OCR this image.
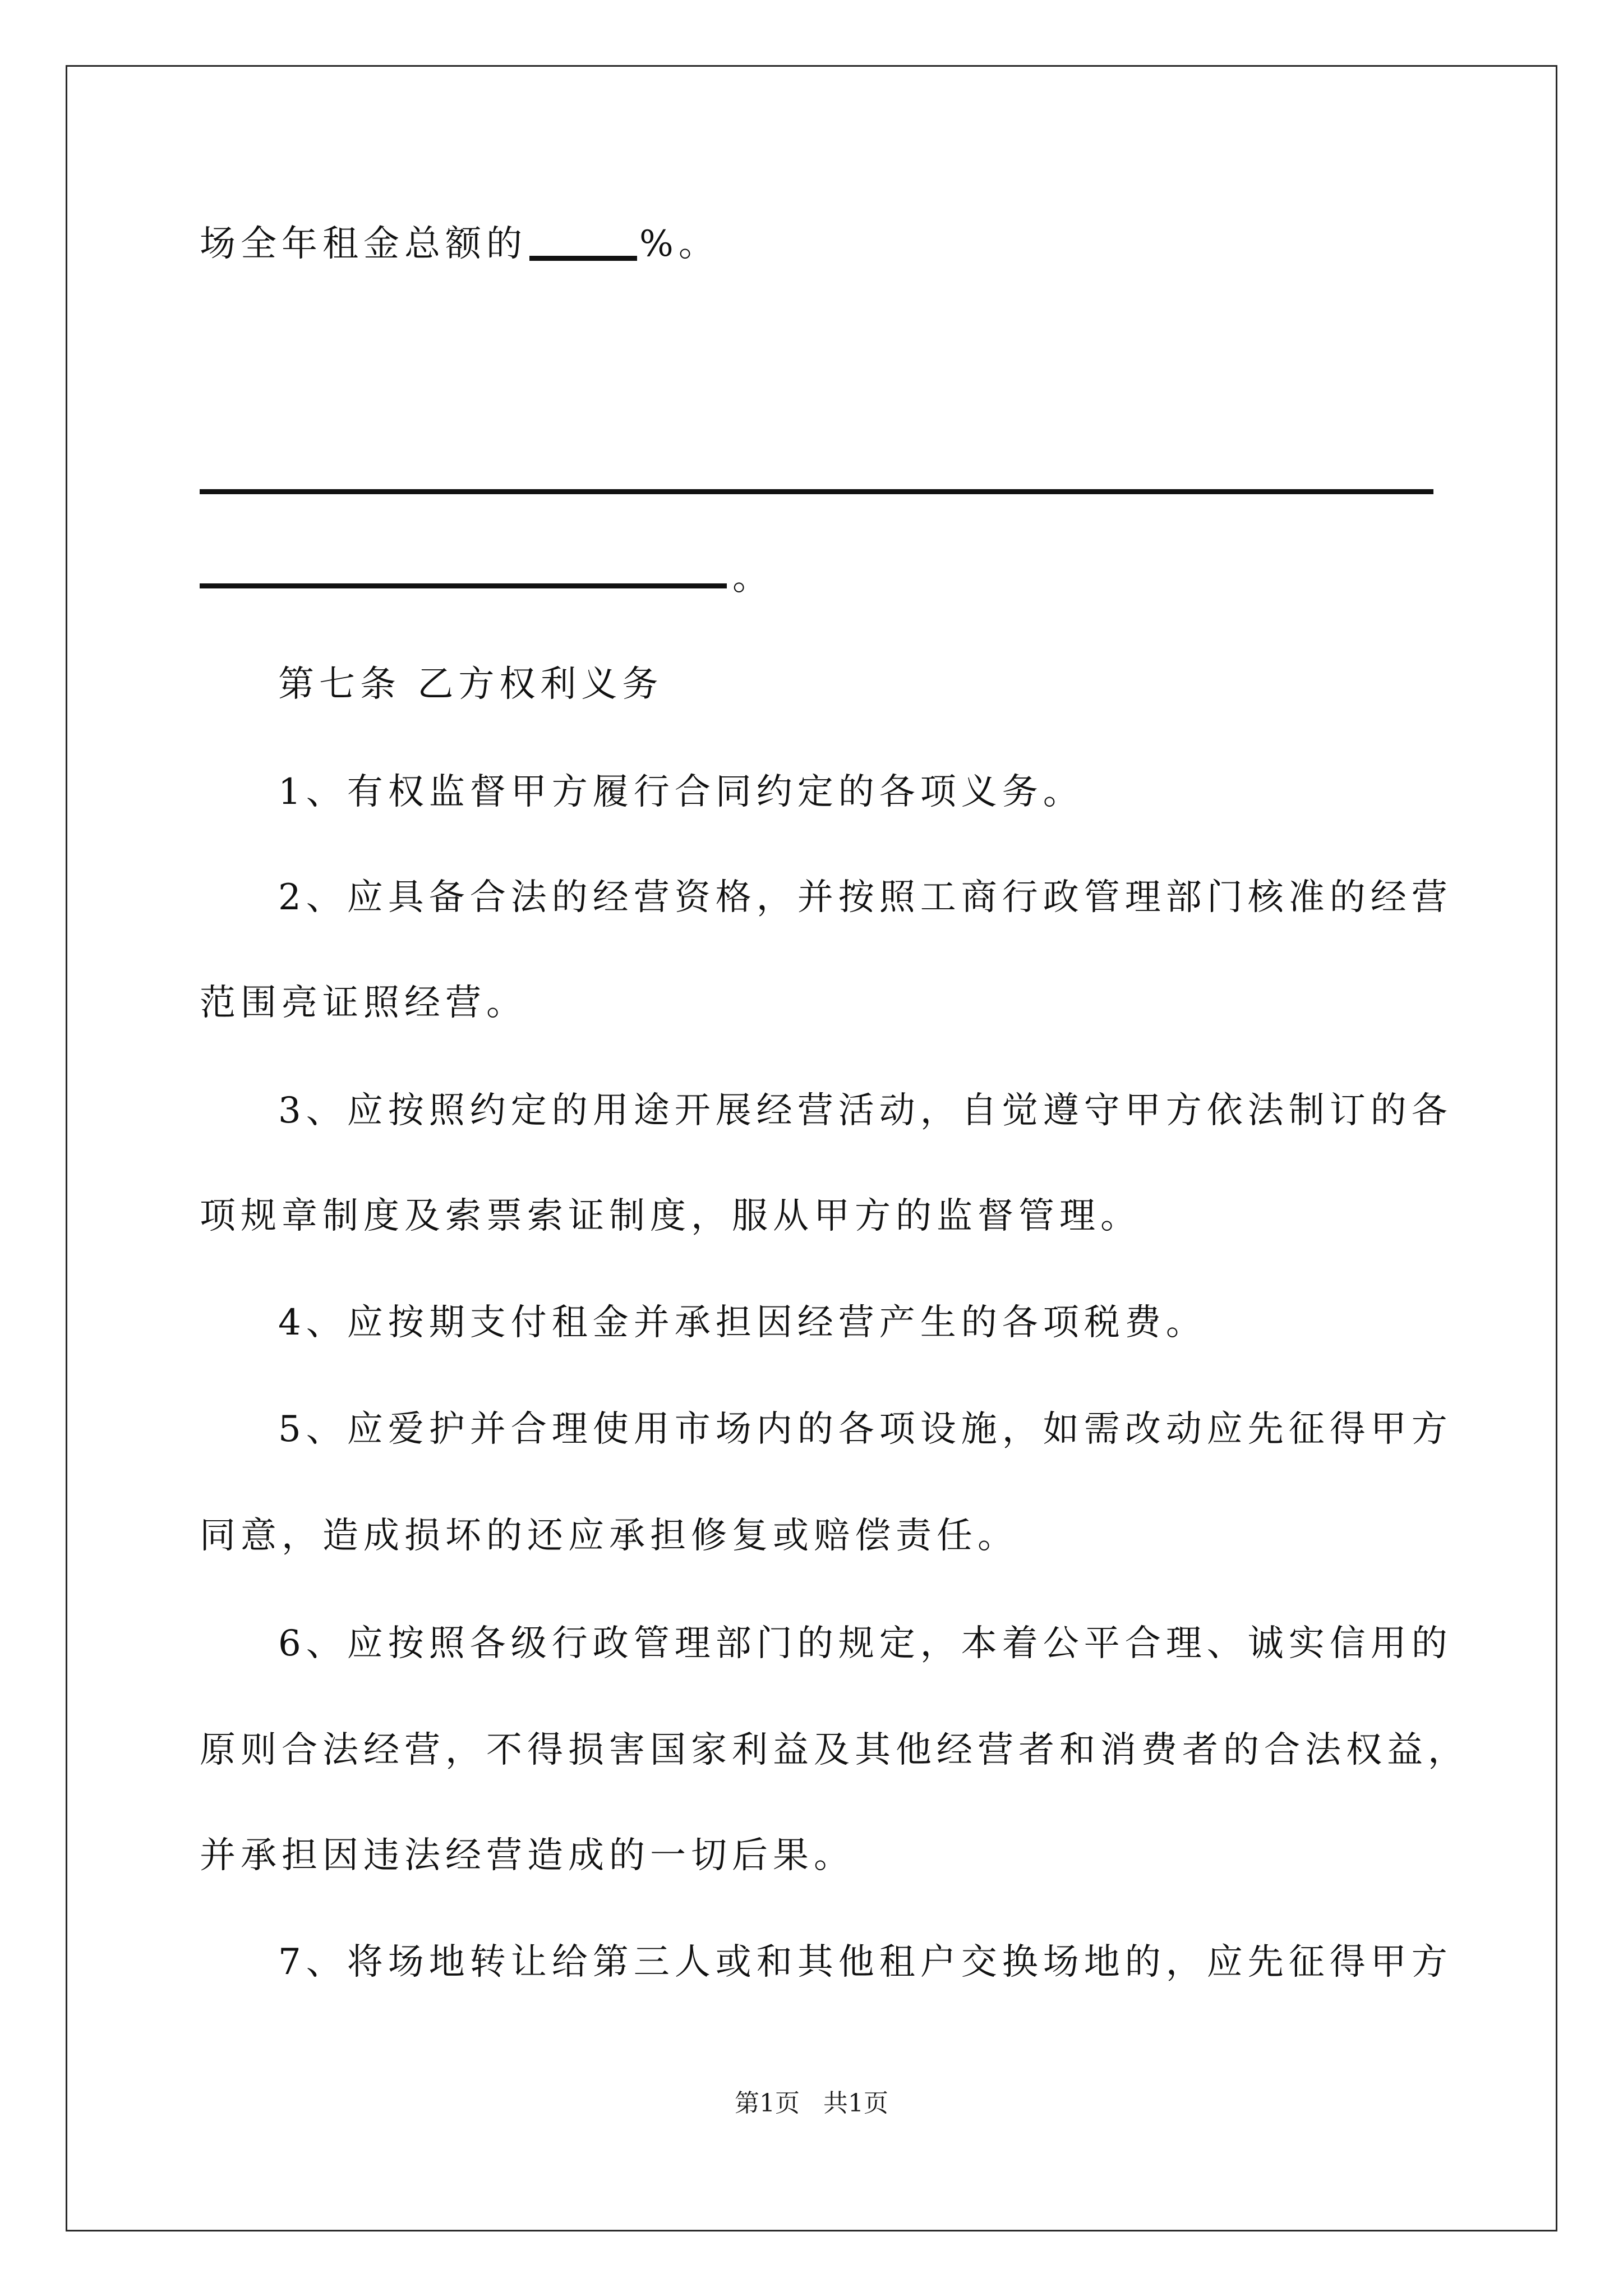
场全年租金总额的	%。
。
第七条 乙方权利义务
1、有权监督甲方履行合同约定的各项义务。
2、应具备合法的经营资格，并按照工商行政管理部门核准的经营
范围亮证照经营。
3、应按照约定的用途开展经营活动，自觉遵守甲方依法制订的各
项规章制度及索票索证制度，服从甲方的监督管理。
4、应按期支付租金并承担因经营产生的各项税费。
5、应爱护并合理使用市场内的各项设施，如需改动应先征得甲方
同意，造成损坏的还应承担修复或赔偿责任。
6、应按照各级行政管理部门的规定，本着公平合理、诚实信用的
原则合法经营，不得损害国家利益及其他经营者和消费者的合法权益，
并承担因违法经营造成的一切后果。
7、将场地转让给第三人或和其他租户交换场地的，应先征得甲方
第1页 共1页
